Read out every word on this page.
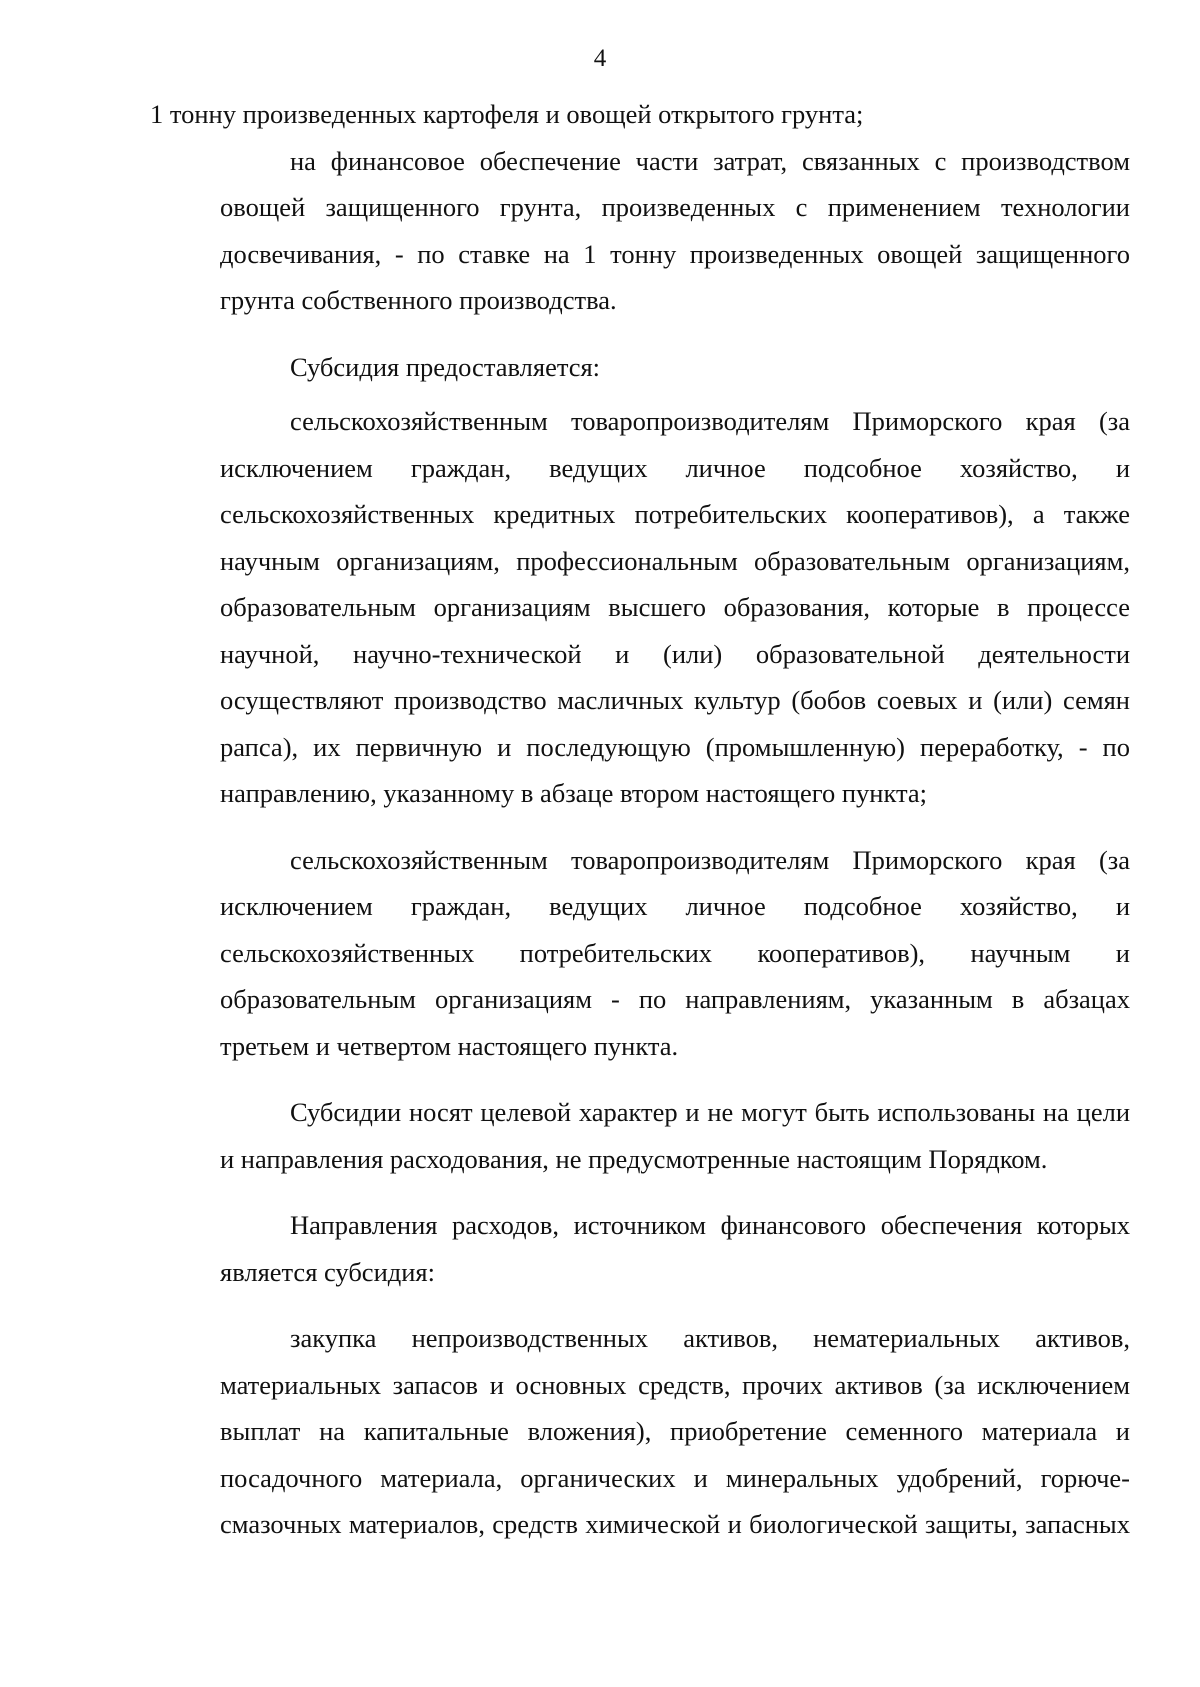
4
1 тонну произведенных картофеля и овощей открытого грунта;
на финансовое обеспечение части затрат, связанных с производством
овощей защищенного грунта, произведенных с применением технологии
досвечивания, - по ставке на 1 тонну произведенных овощей защищенного
грунта собственного производства.
Субсидия предоставляется:
сельскохозяйственным товаропроизводителям Приморского края (за
исключением граждан, ведущих личное подсобное хозяйство, и
сельскохозяйственных кредитных потребительских кооперативов), а также
научным организациям, профессиональным образовательным организациям,
образовательным организациям высшего образования, которые в процессе
научной, научно-технической и (или) образовательной деятельности
осуществляют производство масличных культур (бобов соевых и (или) семян
рапса), их первичную и последующую (промышленную) переработку, - по
направлению, указанному в абзаце втором настоящего пункта;
сельскохозяйственным товаропроизводителям Приморского края (за
исключением граждан, ведущих личное подсобное хозяйство, и
сельскохозяйственных потребительских кооперативов), научным и
образовательным организациям - по направлениям, указанным в абзацах
третьем и четвертом настоящего пункта.
Субсидии носят целевой характер и не могут быть использованы на цели
и направления расходования, не предусмотренные настоящим Порядком.
Направления расходов, источником финансового обеспечения которых
является субсидия:
закупка непроизводственных активов, нематериальных активов,
материальных запасов и основных средств, прочих активов (за исключением
выплат на капитальные вложения), приобретение семенного материала и
посадочного материала, органических и минеральных удобрений, горюче-
смазочных материалов, средств химической и биологической защиты, запасных
